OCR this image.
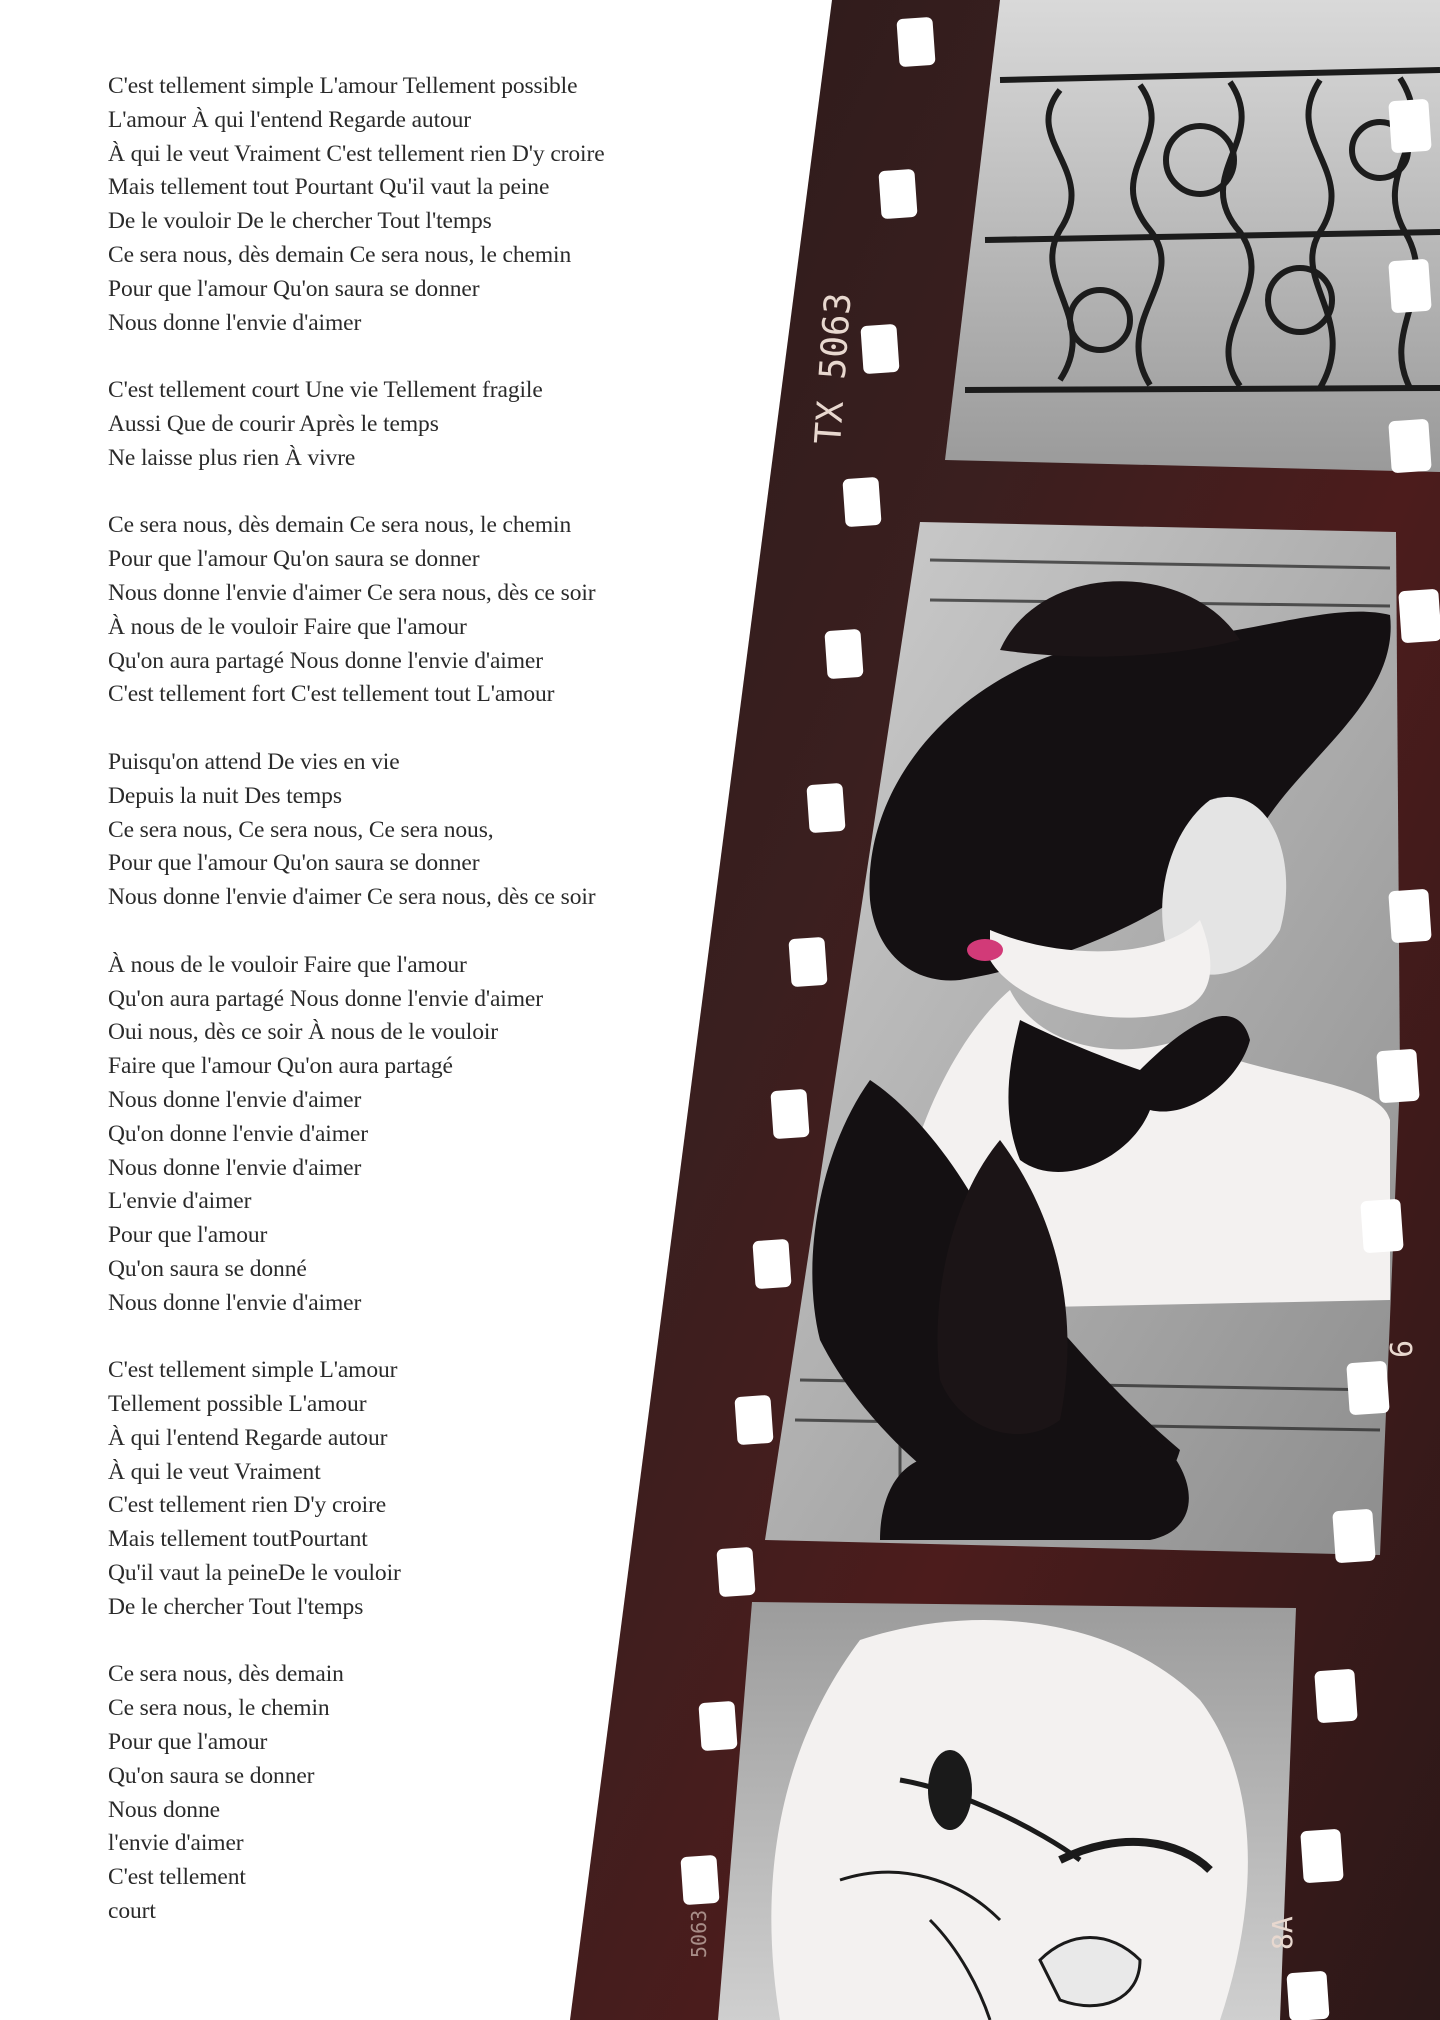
C'est tellement simple L'amour Tellement possible
L'amour À qui l'entend Regarde autour
À qui le veut Vraiment C'est tellement rien D'y croire
Mais tellement tout Pourtant Qu'il vaut la peine
De le vouloir De le chercher Tout l'temps
Ce sera nous, dès demain Ce sera nous, le chemin
Pour que l'amour Qu'on saura se donner
Nous donne l'envie d'aimer
C'est tellement court Une vie Tellement fragile
Aussi Que de courir Après le temps
Ne laisse plus rien À vivre
Ce sera nous, dès demain Ce sera nous, le chemin
Pour que l'amour Qu'on saura se donner
Nous donne l'envie d'aimer Ce sera nous, dès ce soir
À nous de le vouloir Faire que l'amour
Qu'on aura partagé Nous donne l'envie d'aimer
C'est tellement fort C'est tellement tout L'amour
Puisqu'on attend De vies en vie
Depuis la nuit Des temps
Ce sera nous, Ce sera nous, Ce sera nous,
Pour que l'amour Qu'on saura se donner
Nous donne l'envie d'aimer Ce sera nous, dès ce soir
À nous de le vouloir Faire que l'amour
Qu'on aura partagé Nous donne l'envie d'aimer
Oui nous, dès ce soir À nous de le vouloir
Faire que l'amour Qu'on aura partagé
Nous donne l'envie d'aimer
Qu'on donne l'envie d'aimer
Nous donne l'envie d'aimer
L'envie d'aimer
Pour que l'amour
Qu'on saura se donné
Nous donne l'envie d'aimer
C'est tellement simple L'amour
Tellement possible L'amour
À qui l'entend Regarde autour
À qui le veut Vraiment
C'est tellement rien D'y croire
Mais tellement toutPourtant
Qu'il vaut la peineDe le vouloir
De le chercher Tout l'temps
Ce sera nous, dès demain
Ce sera nous, le chemin
Pour que l'amour
Qu'on saura se donner
Nous donne
l'envie d'aimer
C'est tellement
court
TX 5063
6
8A
5063
